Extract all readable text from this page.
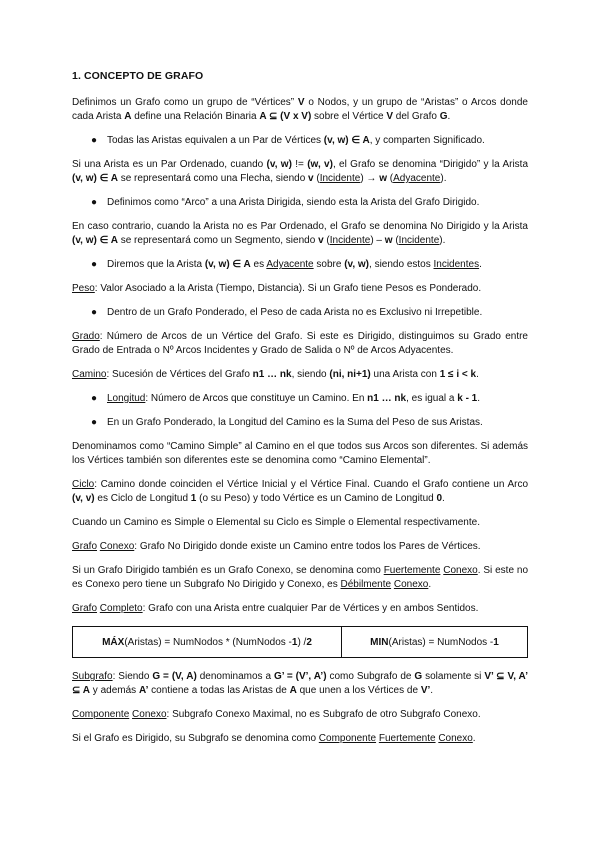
1. CONCEPTO DE GRAFO

Definimos un Grafo como un grupo de “Vértices” V o Nodos, y un grupo de “Aristas” o Arcos donde cada Arista A define una Relación Binaria A ⊆ (V x V) sobre el Vértice V del Grafo G.

● Todas las Aristas equivalen a un Par de Vértices (v, w) ∈ A, y comparten Significado.

Si una Arista es un Par Ordenado, cuando (v, w) != (w, v), el Grafo se denomina “Dirigido” y la Arista (v, w) ∈ A se representará como una Flecha, siendo v (Incidente) → w (Adyacente).

● Definimos como “Arco” a una Arista Dirigida, siendo esta la Arista del Grafo Dirigido.

En caso contrario, cuando la Arista no es Par Ordenado, el Grafo se denomina No Dirigido y la Arista (v, w) ∈ A se representará como un Segmento, siendo v (Incidente) – w (Incidente).

● Diremos que la Arista (v, w) ∈ A es Adyacente sobre (v, w), siendo estos Incidentes.

Peso: Valor Asociado a la Arista (Tiempo, Distancia). Si un Grafo tiene Pesos es Ponderado.

● Dentro de un Grafo Ponderado, el Peso de cada Arista no es Exclusivo ni Irrepetible.

Grado: Número de Arcos de un Vértice del Grafo. Si este es Dirigido, distinguimos su Grado entre Grado de Entrada o Nº Arcos Incidentes y Grado de Salida o Nº de Arcos Adyacentes.

Camino: Sucesión de Vértices del Grafo n1 … nk, siendo (ni, ni+1) una Arista con 1 ≤ i < k.

● Longitud: Número de Arcos que constituye un Camino. En n1 … nk, es igual a k - 1.
● En un Grafo Ponderado, la Longitud del Camino es la Suma del Peso de sus Aristas.

Denominamos como “Camino Simple” al Camino en el que todos sus Arcos son diferentes. Si además los Vértices también son diferentes este se denomina como “Camino Elemental”.

Ciclo: Camino donde coinciden el Vértice Inicial y el Vértice Final. Cuando el Grafo contiene un Arco (v, v) es Ciclo de Longitud 1 (o su Peso) y todo Vértice es un Camino de Longitud 0.

Cuando un Camino es Simple o Elemental su Ciclo es Simple o Elemental respectivamente.

Grafo Conexo: Grafo No Dirigido donde existe un Camino entre todos los Pares de Vértices.

Si un Grafo Dirigido también es un Grafo Conexo, se denomina como Fuertemente Conexo. Si este no es Conexo pero tiene un Subgrafo No Dirigido y Conexo, es Débilmente Conexo.

Grafo Completo: Grafo con una Arista entre cualquier Par de Vértices y en ambos Sentidos.

MÁX (Aristas) = NumNodos * (NumNodos - 1 ) / 2	MIN (Aristas) = NumNodos - 1

Subgrafo: Siendo G = (V, A) denominamos a G’ = (V’, A’) como Subgrafo de G solamente si V’ ⊆ V, A’ ⊆ A y además A’ contiene a todas las Aristas de A que unen a los Vértices de V’.

Componente Conexo: Subgrafo Conexo Maximal, no es Subgrafo de otro Subgrafo Conexo.

Si el Grafo es Dirigido, su Subgrafo se denomina como Componente Fuertemente Conexo.
